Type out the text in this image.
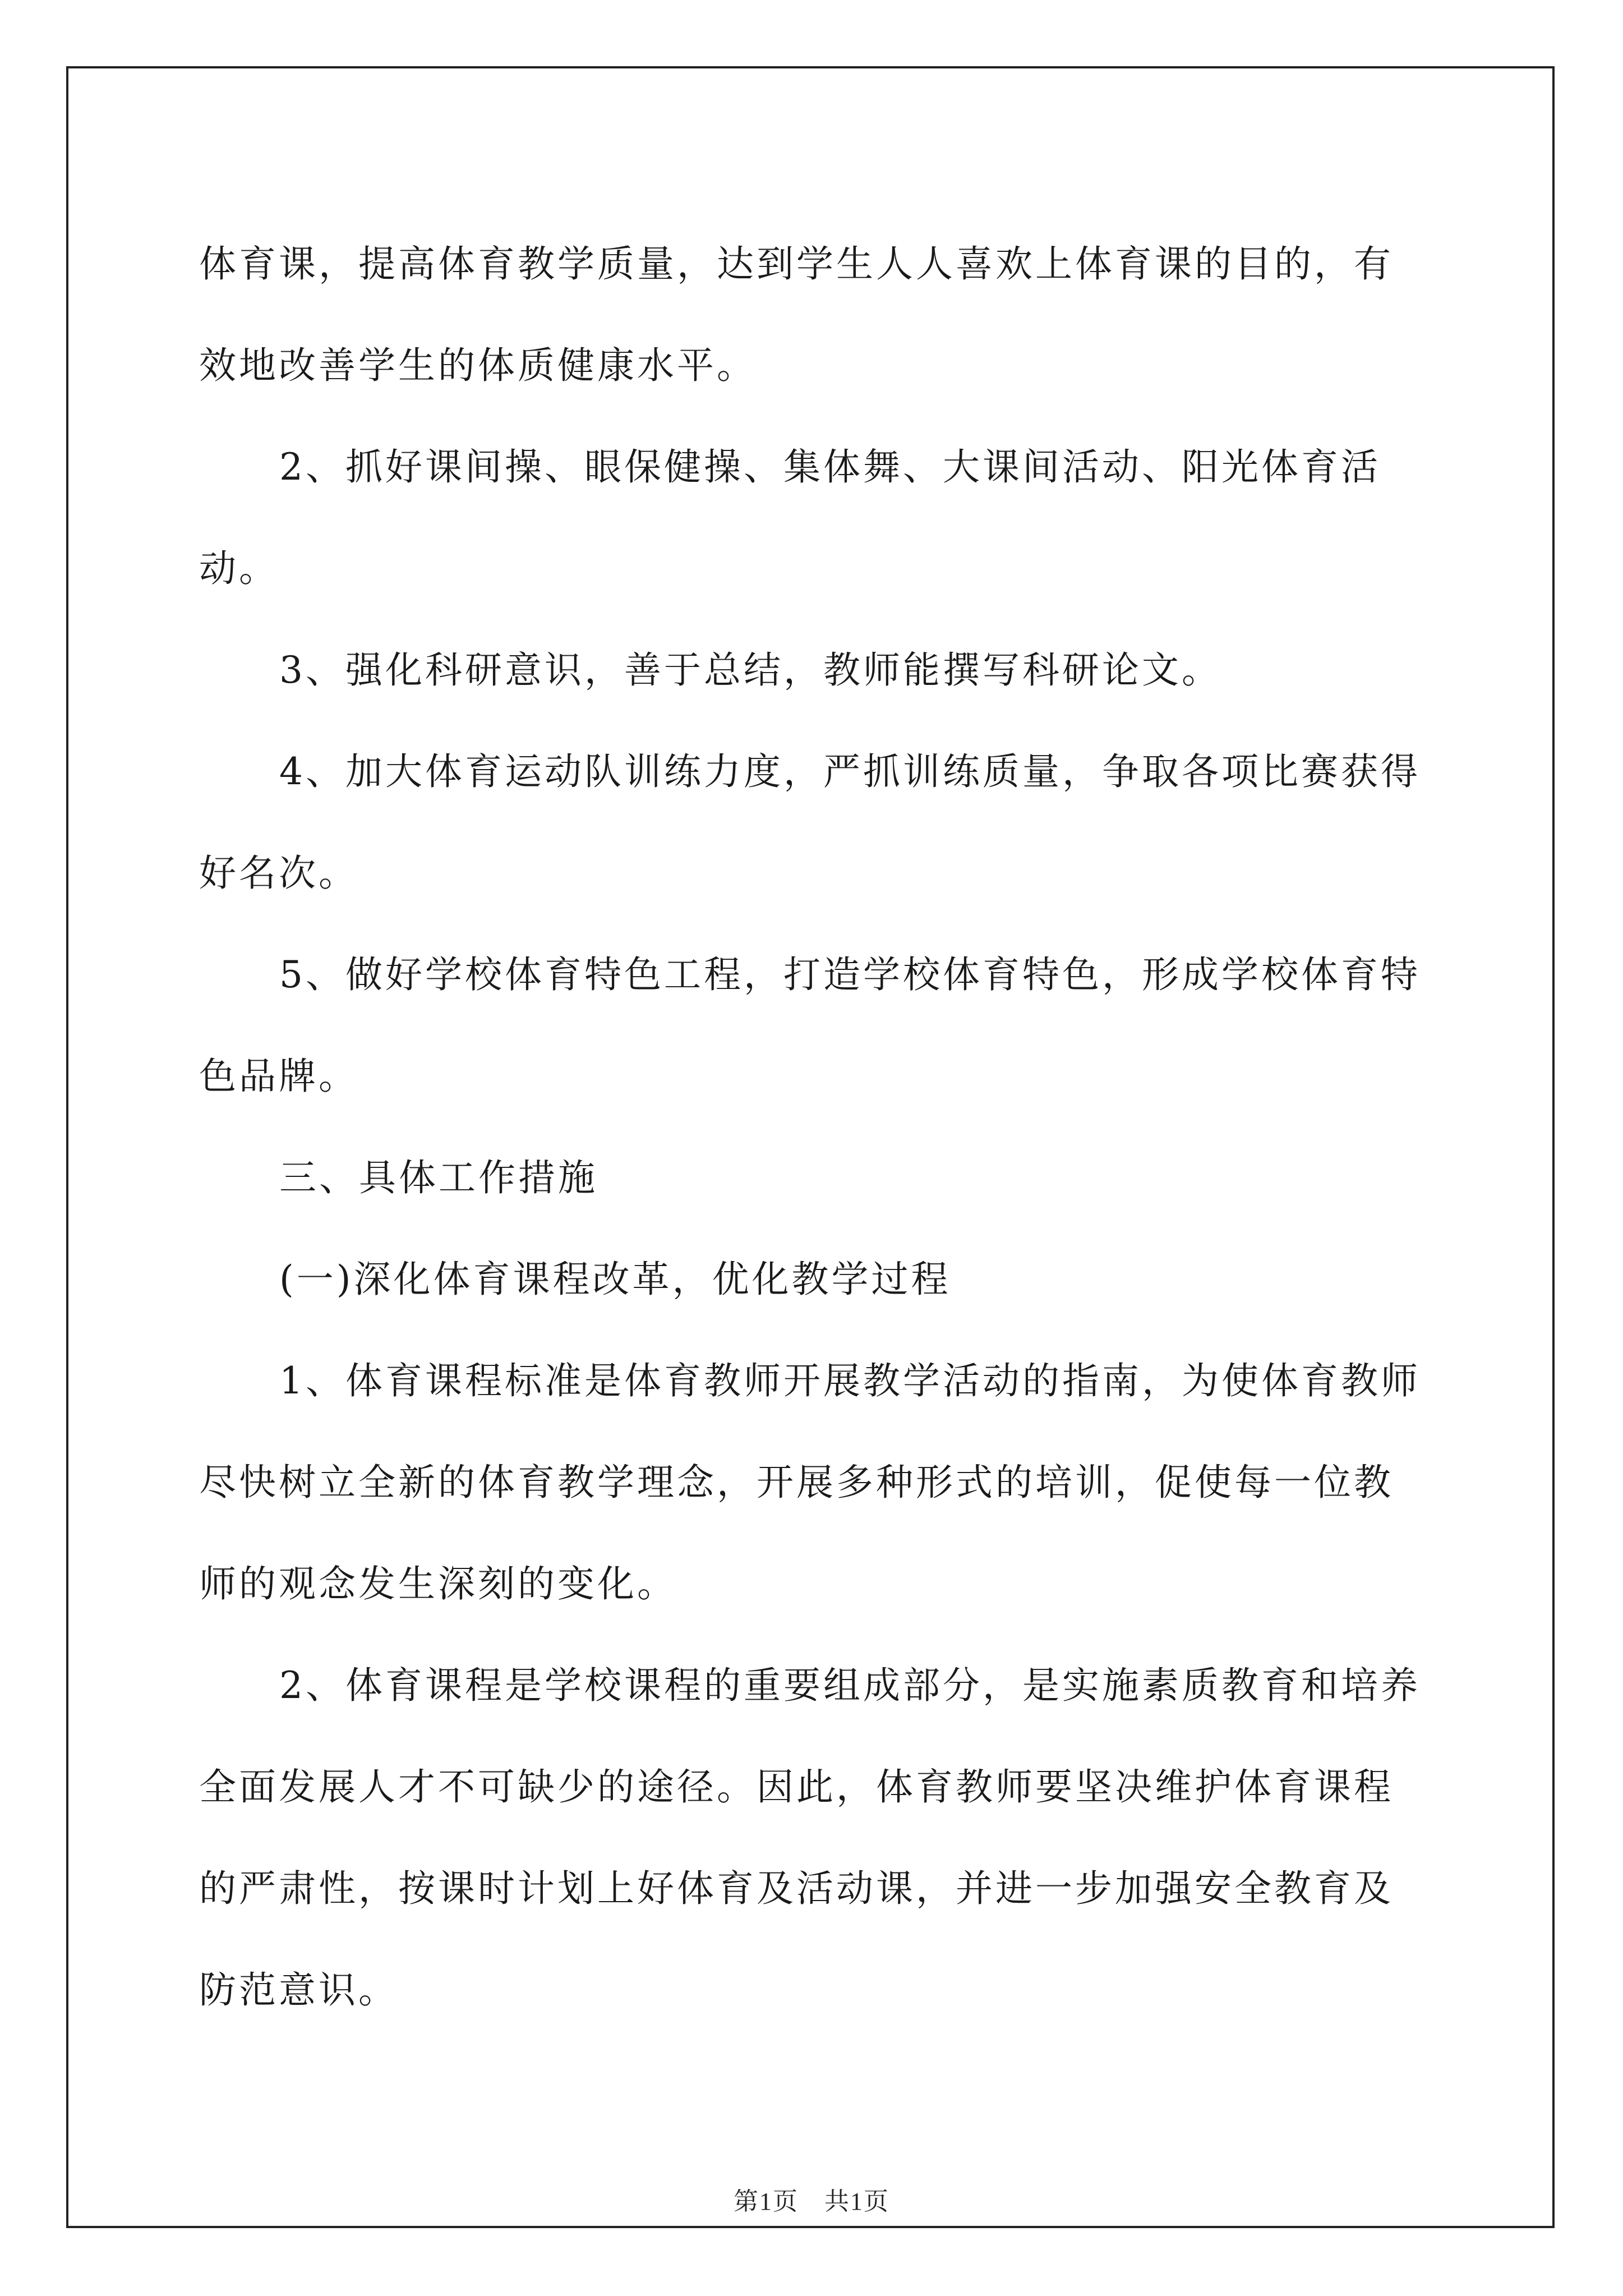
体育课，提高体育教学质量，达到学生人人喜欢上体育课的目的，有效地改善学生的体质健康水平。

2、抓好课间操、眼保健操、集体舞、大课间活动、阳光体育活动。

3、强化科研意识，善于总结，教师能撰写科研论文。

4、加大体育运动队训练力度，严抓训练质量，争取各项比赛获得好名次。

5、做好学校体育特色工程，打造学校体育特色，形成学校体育特色品牌。

三、具体工作措施

(一)深化体育课程改革，优化教学过程

1、体育课程标准是体育教师开展教学活动的指南，为使体育教师尽快树立全新的体育教学理念，开展多种形式的培训，促使每一位教师的观念发生深刻的变化。

2、体育课程是学校课程的重要组成部分，是实施素质教育和培养全面发展人才不可缺少的途径。因此，体育教师要坚决维护体育课程的严肃性，按课时计划上好体育及活动课，并进一步加强安全教育及防范意识。

第1页　共1页
